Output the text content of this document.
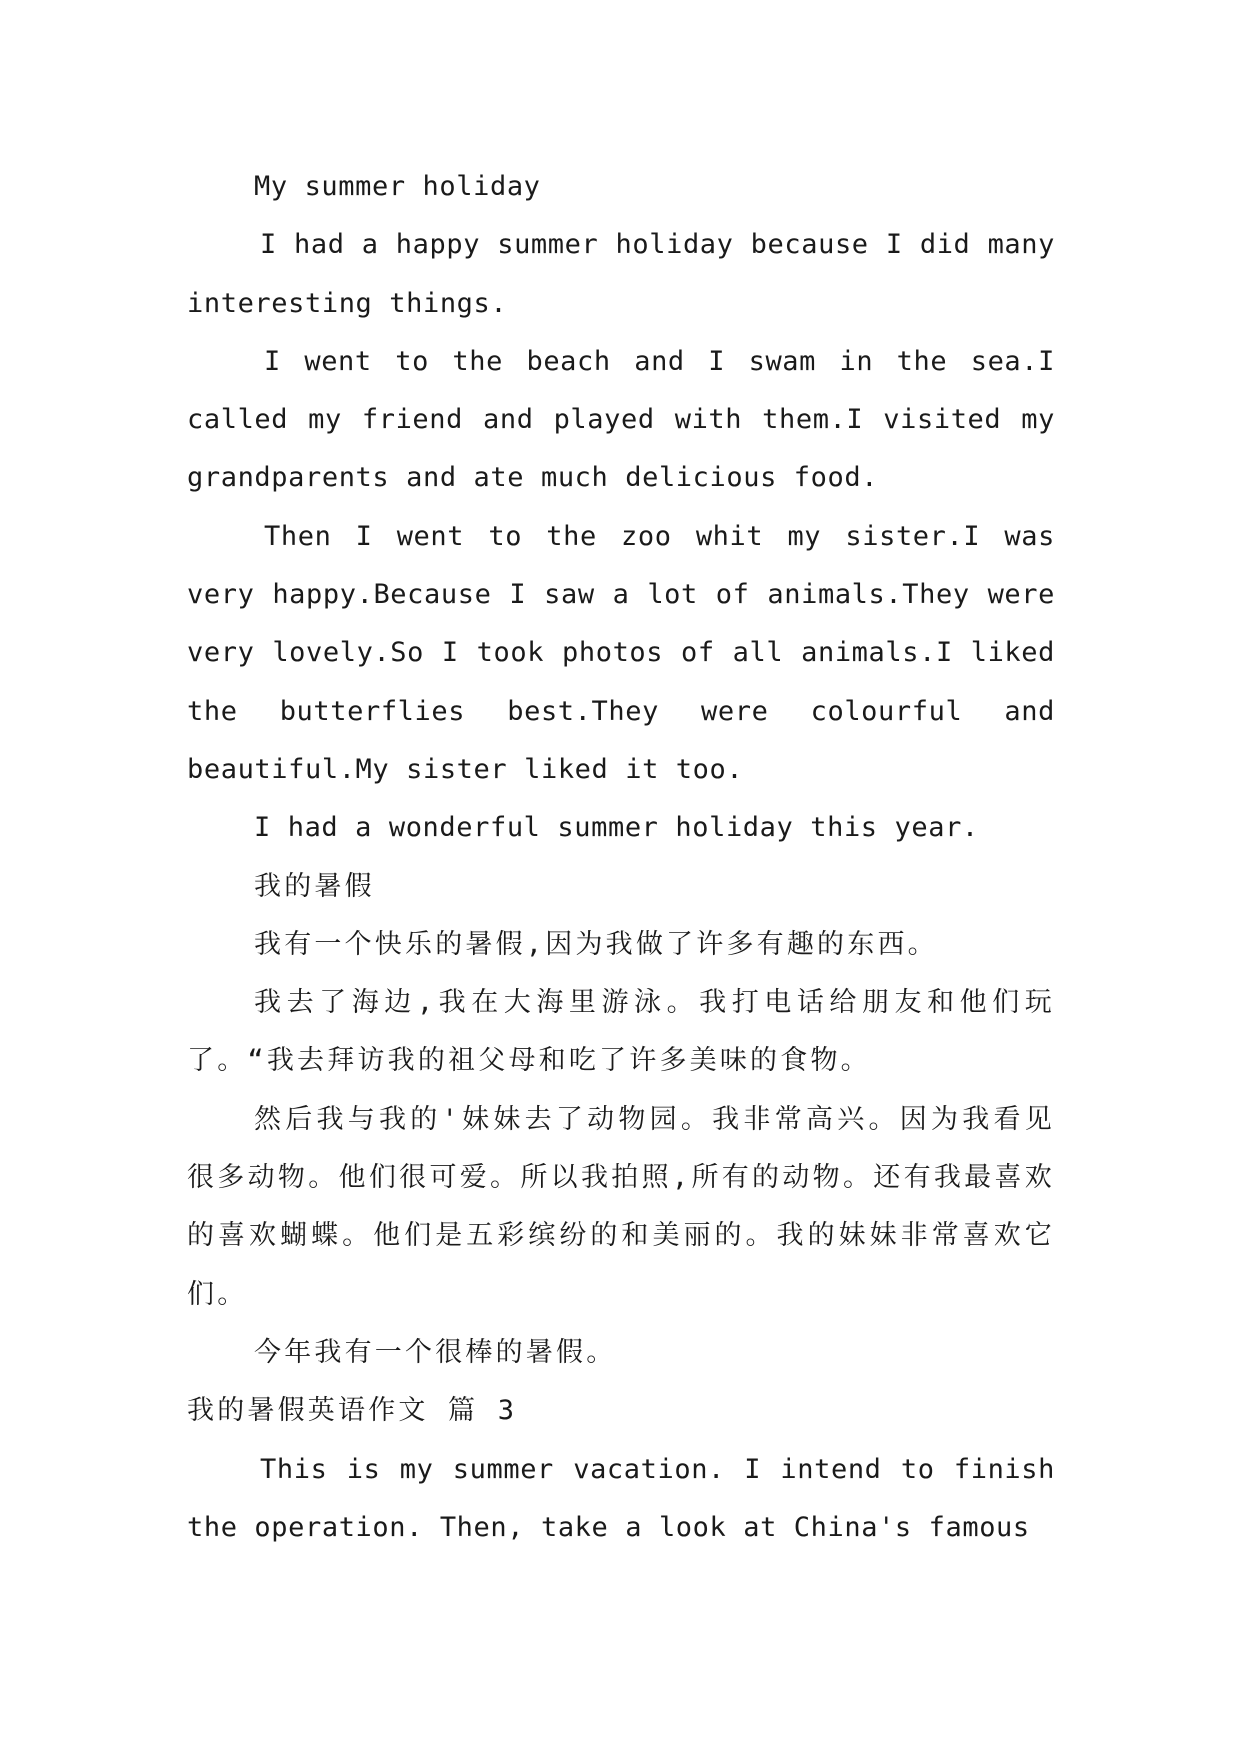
My summer holiday

I had a happy summer holiday because I did many interesting things.

I went to the beach and I swam in the sea.I called my friend and played with them.I visited my grandparents and ate much delicious food.

Then I went to the zoo whit my sister.I was very happy.Because I saw a lot of animals.They were very lovely.So I took photos of all animals.I liked the butterflies best.They were colourful and beautiful.My sister liked it too.

I had a wonderful summer holiday this year.

我的暑假

我有一个快乐的暑假,因为我做了许多有趣的东西。

我去了海边,我在大海里游泳。我打电话给朋友和他们玩了。“我去拜访我的祖父母和吃了许多美味的食物。

然后我与我的'妹妹去了动物园。我非常高兴。因为我看见很多动物。他们很可爱。所以我拍照,所有的动物。还有我最喜欢的喜欢蝴蝶。他们是五彩缤纷的和美丽的。我的妹妹非常喜欢它们。

今年我有一个很棒的暑假。

我的暑假英语作文 篇 3

This is my summer vacation. I intend to finish the operation. Then, take a look at China's famous
